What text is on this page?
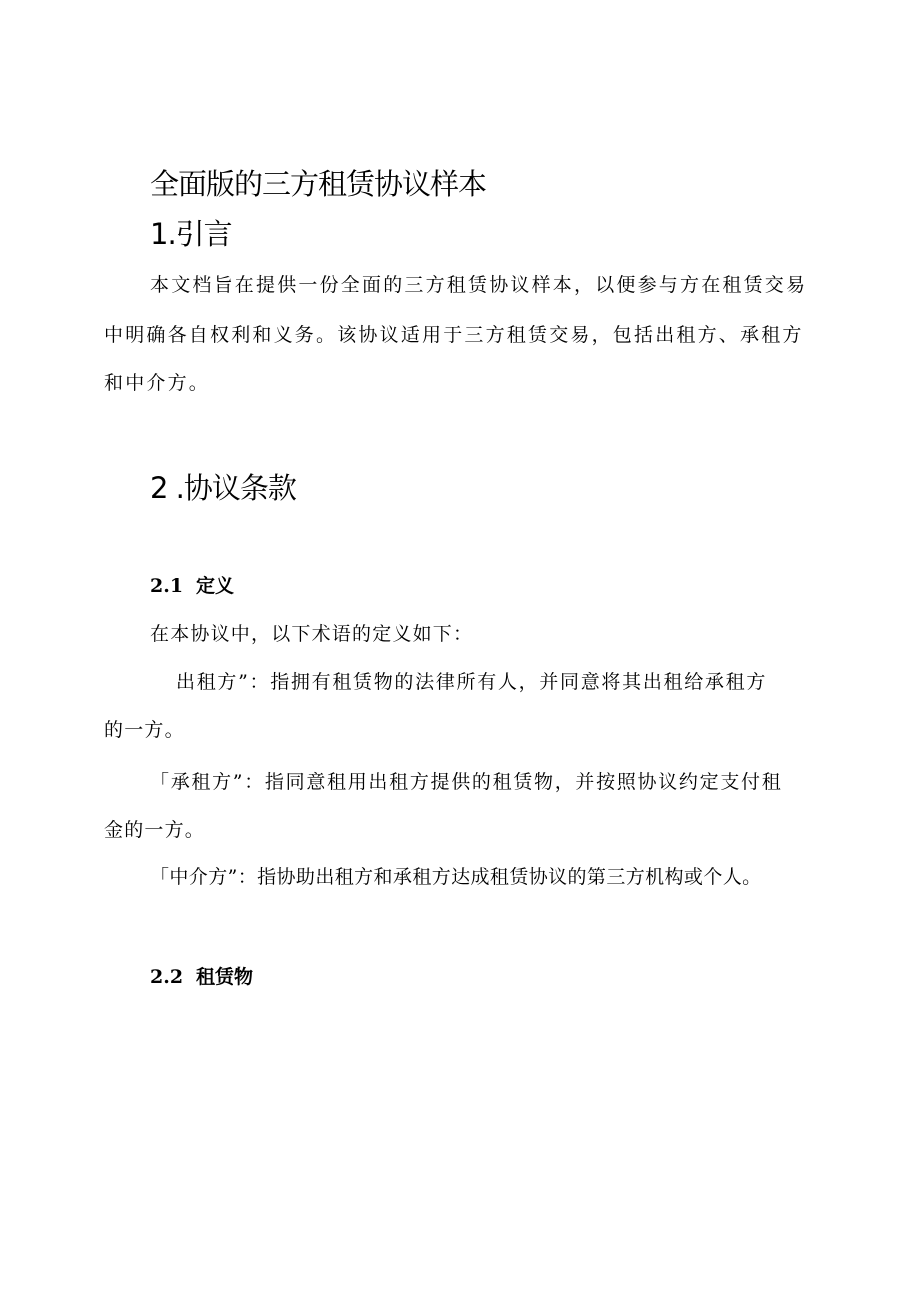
全面版的三方租赁协议样本
1.引言
本文档旨在提供一份全面的三方租赁协议样本，以便参与方在租赁交易
中明确各自权利和义务。该协议适用于三方租赁交易，包括出租方、承租方
和中介方。
2 .协议条款
2.1 定义
在本协议中，以下术语的定义如下：
出租方”：指拥有租赁物的法律所有人，并同意将其出租给承租方
的一方。
「承租方”：指同意租用出租方提供的租赁物，并按照协议约定支付租
金的一方。
「中介方”：指协助出租方和承租方达成租赁协议的第三方机构或个人。
2.2 租赁物
